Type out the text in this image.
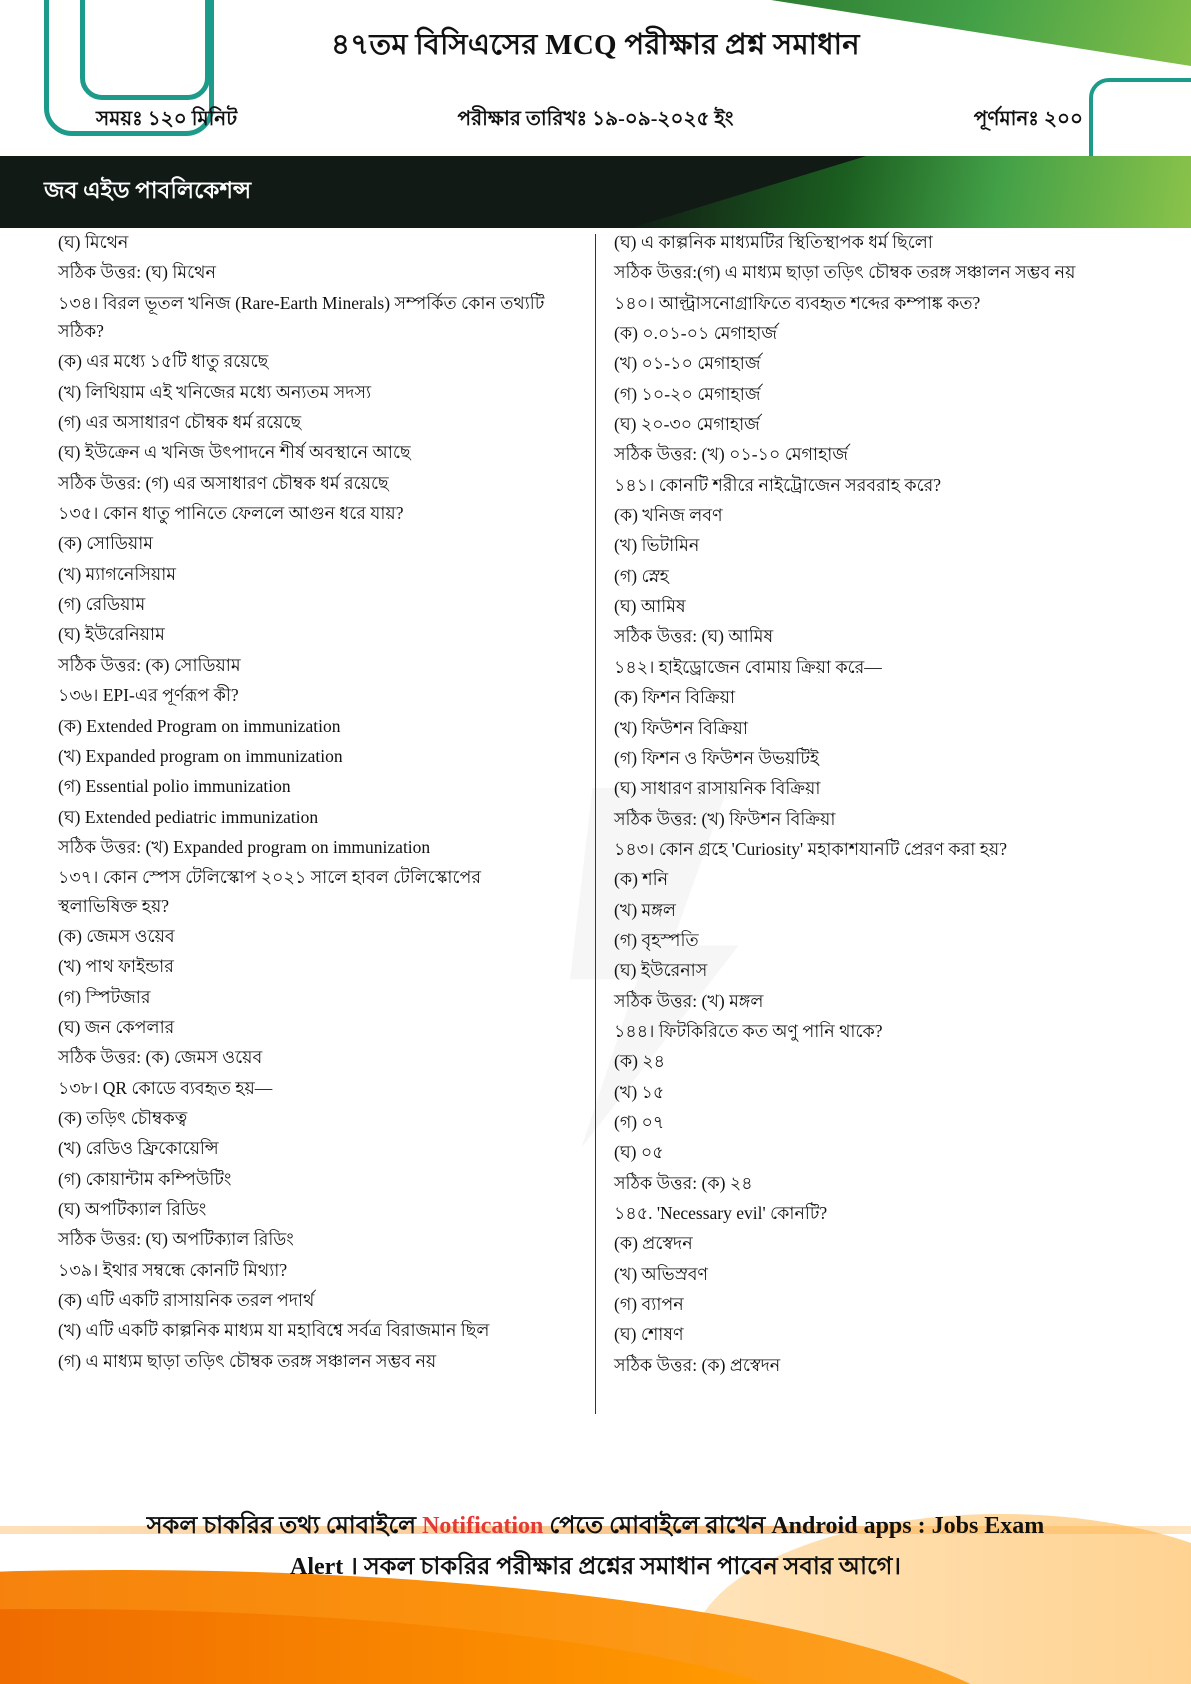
৪৭তম বিসিএসের MCQ পরীক্ষার প্রশ্ন সমাধান
সময়ঃ ১২০ মিনিট	পরীক্ষার তারিখঃ ১৯-০৯-২০২৫ ইং	পূর্ণমানঃ ২০০
জব এইড পাবলিকেশন্স

(ঘ) মিথেন

সঠিক উত্তর: (ঘ) মিথেন

১৩৪। বিরল ভূতল খনিজ (Rare-Earth Minerals) সম্পর্কিত কোন তথ্যটি সঠিক?

(ক) এর মধ্যে ১৫টি ধাতু রয়েছে

(খ) লিথিয়াম এই খনিজের মধ্যে অন্যতম সদস্য

(গ) এর অসাধারণ চৌম্বক ধর্ম রয়েছে

(ঘ) ইউক্রেন এ খনিজ উৎপাদনে শীর্ষ অবস্থানে আছে

সঠিক উত্তর: (গ) এর অসাধারণ চৌম্বক ধর্ম রয়েছে

১৩৫। কোন ধাতু পানিতে ফেললে আগুন ধরে যায়?

(ক) সোডিয়াম

(খ) ম্যাগনেসিয়াম

(গ) রেডিয়াম

(ঘ) ইউরেনিয়াম

সঠিক উত্তর: (ক) সোডিয়াম

১৩৬। EPI-এর পূর্ণরূপ কী?

(ক) Extended Program on immunization

(খ) Expanded program on immunization

(গ) Essential polio immunization

(ঘ) Extended pediatric immunization

সঠিক উত্তর: (খ) Expanded program on immunization

১৩৭। কোন স্পেস টেলিস্কোপ ২০২১ সালে হাবল টেলিস্কোপের স্থলাভিষিক্ত হয়?

(ক) জেমস ওয়েব

(খ) পাথ ফাইন্ডার

(গ) স্পিটজার

(ঘ) জন কেপলার

সঠিক উত্তর: (ক) জেমস ওয়েব

১৩৮। QR কোডে ব্যবহৃত হয়—

(ক) তড়িৎ চৌম্বকত্ব

(খ) রেডিও ফ্রিকোয়েন্সি

(গ) কোয়ান্টাম কম্পিউটিং

(ঘ) অপটিক্যাল রিডিং

সঠিক উত্তর: (ঘ) অপটিক্যাল রিডিং

১৩৯। ইথার সম্বন্ধে কোনটি মিথ্যা?

(ক) এটি একটি রাসায়নিক তরল পদার্থ

(খ) এটি একটি কাল্পনিক মাধ্যম যা মহাবিশ্বে সর্বত্র বিরাজমান ছিল

(গ) এ মাধ্যম ছাড়া তড়িৎ চৌম্বক তরঙ্গ সঞ্চালন সম্ভব নয়

(ঘ) এ কাল্পনিক মাধ্যমটির স্থিতিস্থাপক ধর্ম ছিলো

সঠিক উত্তর:(গ) এ মাধ্যম ছাড়া তড়িৎ চৌম্বক তরঙ্গ সঞ্চালন সম্ভব নয়

১৪০। আল্ট্রাসনোগ্রাফিতে ব্যবহৃত শব্দের কম্পাঙ্ক কত?

(ক) ০.০১-০১ মেগাহার্জ

(খ) ০১-১০ মেগাহার্জ

(গ) ১০-২০ মেগাহার্জ

(ঘ) ২০-৩০ মেগাহার্জ

সঠিক উত্তর: (খ) ০১-১০ মেগাহার্জ

১৪১। কোনটি শরীরে নাইট্রোজেন সরবরাহ করে?

(ক) খনিজ লবণ

(খ) ভিটামিন

(গ) স্নেহ

(ঘ) আমিষ

সঠিক উত্তর: (ঘ) আমিষ

১৪২। হাইড্রোজেন বোমায় ক্রিয়া করে—

(ক) ফিশন বিক্রিয়া

(খ) ফিউশন বিক্রিয়া

(গ) ফিশন ও ফিউশন উভয়টিই

(ঘ) সাধারণ রাসায়নিক বিক্রিয়া

সঠিক উত্তর: (খ) ফিউশন বিক্রিয়া

১৪৩। কোন গ্রহে 'Curiosity' মহাকাশযানটি প্রেরণ করা হয়?

(ক) শনি

(খ) মঙ্গল

(গ) বৃহস্পতি

(ঘ) ইউরেনাস

সঠিক উত্তর: (খ) মঙ্গল

১৪৪। ফিটকিরিতে কত অণু পানি থাকে?

(ক) ২৪

(খ) ১৫

(গ) ০৭

(ঘ) ০৫

সঠিক উত্তর: (ক) ২৪

১৪৫. 'Necessary evil' কোনটি?

(ক) প্রস্বেদন

(খ) অভিস্রবণ

(গ) ব্যাপন

(ঘ) শোষণ

সঠিক উত্তর: (ক) প্রস্বেদন

সকল চাকরির তথ্য মোবাইলে Notification পেতে মোবাইলে রাখেন Android apps : Jobs Exam
Alert । সকল চাকরির পরীক্ষার প্রশ্নের সমাধান পাবেন সবার আগে।
